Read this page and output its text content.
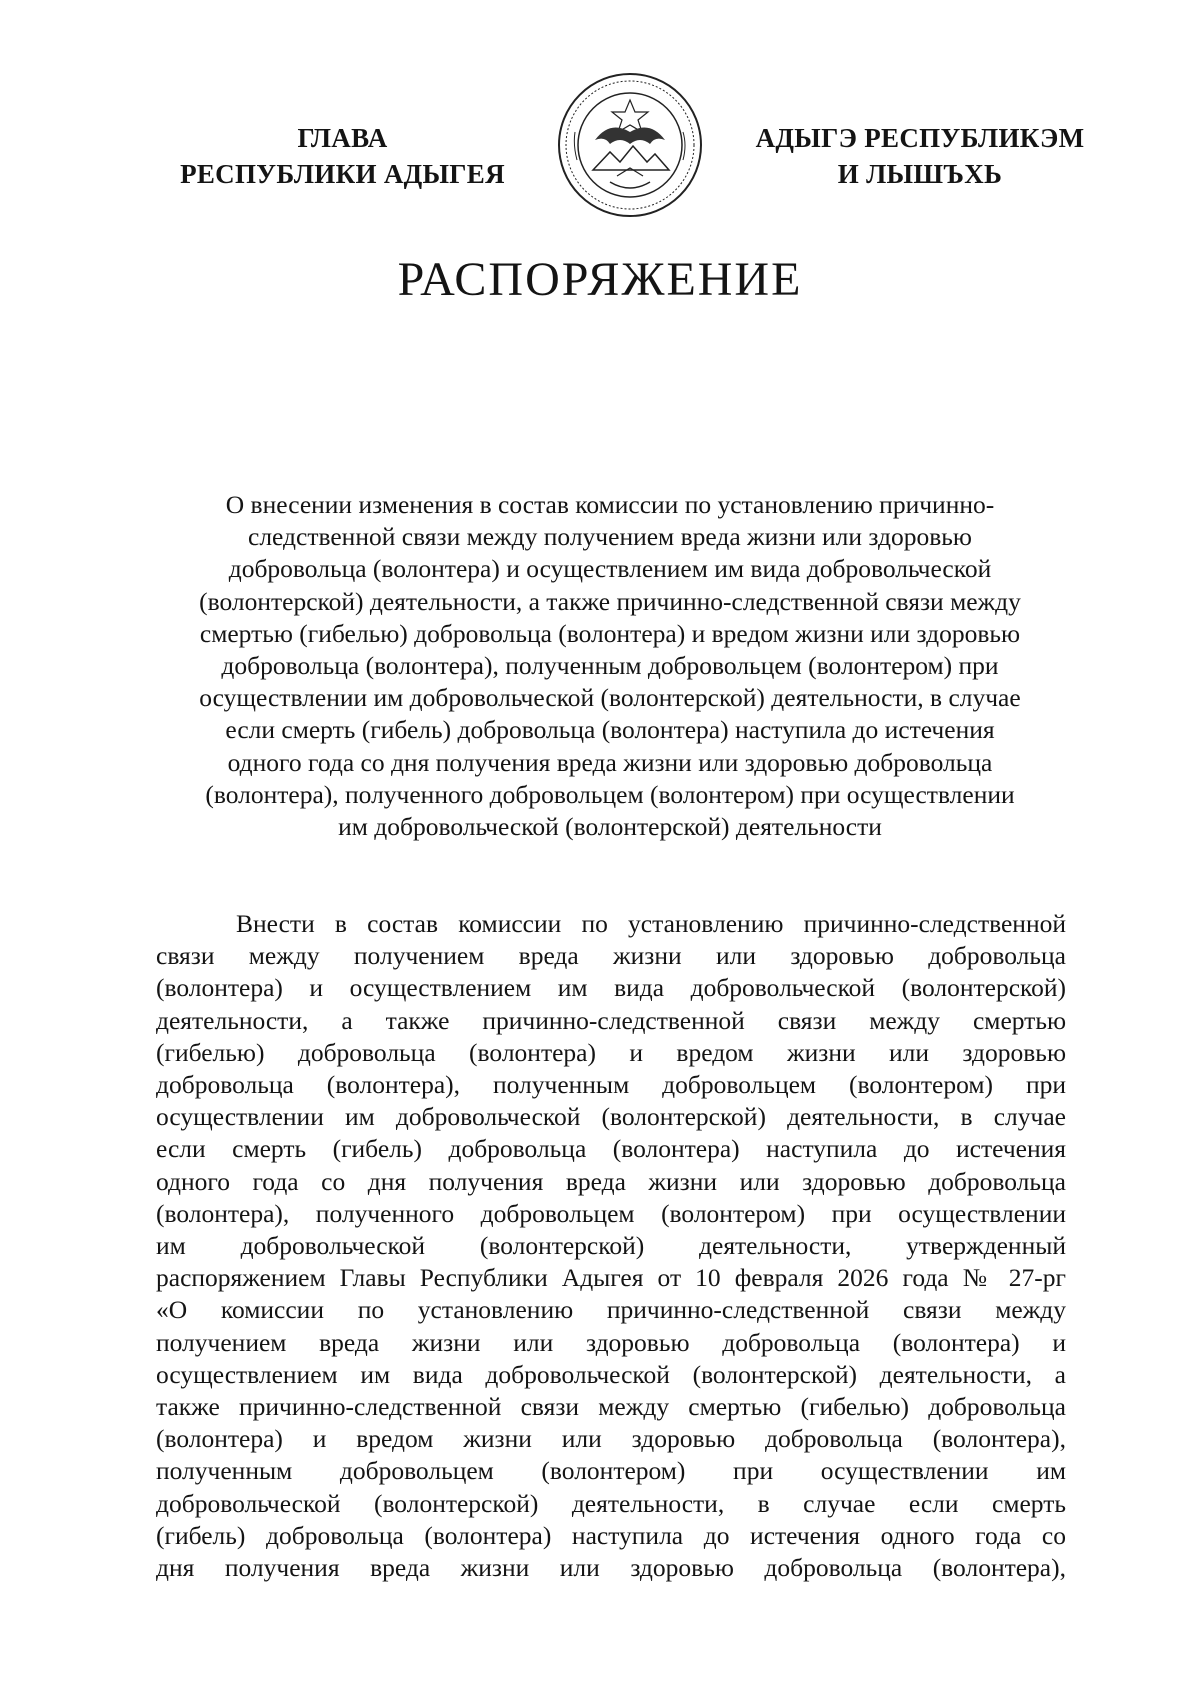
ГЛАВА
РЕСПУБЛИКИ АДЫГЕЯ
АДЫГЭ РЕСПУБЛИКЭМ
И ЛЫШЪХЬ
РАСПОРЯЖЕНИЕ
О внесении изменения в состав комиссии по установлению причинно-
следственной связи между получением вреда жизни или здоровью
добровольца (волонтера) и осуществлением им вида добровольческой
(волонтерской) деятельности, а также причинно-следственной связи между
смертью (гибелью) добровольца (волонтера) и вредом жизни или здоровью
добровольца (волонтера), полученным добровольцем (волонтером) при
осуществлении им добровольческой (волонтерской) деятельности, в случае
если смерть (гибель) добровольца (волонтера) наступила до истечения
одного года со дня получения вреда жизни или здоровью добровольца
(волонтера), полученного добровольцем (волонтером) при осуществлении
им добровольческой (волонтерской) деятельности
Внести в состав комиссии по установлению причинно-следственной
связи между получением вреда жизни или здоровью добровольца
(волонтера) и осуществлением им вида добровольческой (волонтерской)
деятельности, а также причинно-следственной связи между смертью
(гибелью) добровольца (волонтера) и вредом жизни или здоровью
добровольца (волонтера), полученным добровольцем (волонтером) при
осуществлении им добровольческой (волонтерской) деятельности, в случае
если смерть (гибель) добровольца (волонтера) наступила до истечения
одного года со дня получения вреда жизни или здоровью добровольца
(волонтера), полученного добровольцем (волонтером) при осуществлении
им добровольческой (волонтерской) деятельности, утвержденный
распоряжением Главы Республики Адыгея от 10 февраля 2026 года № 27-рг
«О комиссии по установлению причинно-следственной связи между
получением вреда жизни или здоровью добровольца (волонтера) и
осуществлением им вида добровольческой (волонтерской) деятельности, а
также причинно-следственной связи между смертью (гибелью) добровольца
(волонтера) и вредом жизни или здоровью добровольца (волонтера),
полученным добровольцем (волонтером) при осуществлении им
добровольческой (волонтерской) деятельности, в случае если смерть
(гибель) добровольца (волонтера) наступила до истечения одного года со
дня получения вреда жизни или здоровью добровольца (волонтера),
